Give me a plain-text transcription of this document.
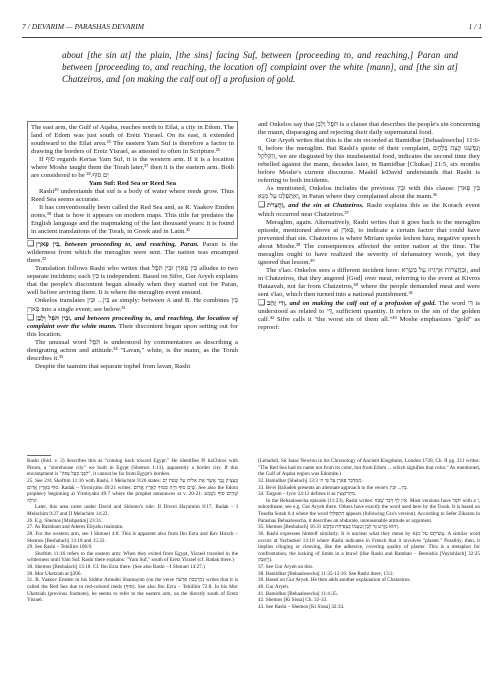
7 / DEVARIM — PARASHAS DEVARIM	1 / 1
about [the sin at] the plain, [the sins] facing Suf, between [proceeding to, and reaching,] Paran and between [proceeding to, and reaching, the location of] complaint over the white [mann], and [the sin at] Chatzeiros, and [on making the calf out of] a profusion of gold.

The east arm, the Gulf of Aqaba, reaches north to Eilat, a city in Edom. The land of Edom was just south of Eretz Yisrael. On its east, it extended southward to the Eilat area.²⁵ The eastern Yam Suf is therefore a factor in drawing the borders of Eretz Yisrael, as attested to often in Scripture.²⁶

If סוּף regards Kerias Yam Suf, it is the western arm. If it is a location where Moshe taught them the Torah later,²⁷ then it is the eastern arm. Both are considered to be יַם סוּף.²⁸

Yam Suf: Red Sea or Reed Sea

Rashi²⁹ understands that suf is a body of water where reeds grow. Thus Reed Sea seems accurate.

It has conventionally been called the Red Sea and, as R. Yaakov Emden notes,³⁰ that is how it appears on modern maps. This title far predates the English language and the mapmaking of the last thousand years: it is found in ancient translations of the Torah, in Greek and in Latin.³¹

❑ בֵּין פָּארָן, between proceeding to, and reaching, Paran. Paran is the wilderness from which the meraglim were sent. The nation was encamped there.³²

Translation follows Rashi who writes that בֵּין פָּארָן וּבֵין תֹּפֶל alludes to two separate incidents; each בֵּין is independent. Based on Sifre, Gur Aryeh explains that the people's discontent began already when they started out for Paran, well before arriving there. It is where the meraglim event ensued.

Onkelos translates בֵּין... וּבֵין as simply: between A and B. He combines בֵּין פָּארָן into a single event; see below.³³

❑ וּבֵין תֹּפֶל וְלָבָן, and between proceeding to, and reaching, the location of complaint over the white mann. Their discontent began upon setting out for this location.

The unusual word תֹּפֶל is understood by commentators as describing a denigrating action and attitude.³⁴ "Lavan," white, is the mann, as the Torah describes it.³⁵

Despite the taamim that separate tophel from lavan, Rashi

and Onkelos say that תֹּפֶל וְלָבָן is a clause that describes the people's sin concerning the mann, disparaging and rejecting their daily supernatural food.

Gur Aryeh writes that this is the sin recorded at Bamidbar [Behaalosecha] 11:6-9, before the meraglim. But Rashi's quote of their complaint, וְנַפְשֵׁנוּ קָצָה בַּלֶּחֶם הַקְּלֹקֵל, we are disgusted by this insubstantial food, indicates the second time they rebelled against the mann, decades later, in Bamidbar [Chukas] 21:5, six months before Moshe's current discourse. Maskil leDavid understands that Rashi is referring to both incidents.

As mentioned, Onkelos includes the previous וּבֵין with this clause: בֵּין פָּארָן וְאִתְפְּלַגוּ עַל מַנָּא, in Paran where they complained about the mann.³⁶

❑ וַחֲצֵרֹת, and the sin at Chatzeiros. Rashi explains this as the Korach event which occurred near Chatzeiros.³⁷

Meraglim, again. Alternatively, Rashi writes that it goes back to the meraglim episode, mentioned above at פָּארָן, to indicate a certain factor that could have prevented that sin. Chatzeiros is where Miriam spoke leshon hara, negative speech about Moshe.³⁸ The consequences affected the entire nation at the time. The meraglim ought to have realized the severity of defamatory words, yet they ignored that lesson.³⁹

The s'lao. Onkelos sees a different incident here: וּבַחֲצֵרוֹת אַרְגִּיזוּ עַל בִּשְׂרָא, and in Chatzeiros, that they angered [God] over meat, referring to the event at Kivros Hataavah, not far from Chatzeiros,⁴⁰ where the people demanded meat and were sent s'lao, which then turned into a national punishment.⁴¹

❑ וְדִי זָהָב, and on making the calf out of a profusion of gold. The word דִּי is understood as related to דַּי, sufficient quantity. It refers to the sin of the golden calf.⁴² Sifre calls it "the worst sin of them all."⁴³ Moshe emphasizes "gold" as reproof:

Rashi (ibid. v. 2) describes this as "coming back toward Egypt." He identifies Pi haChiros with Pisom, a "storehouse city" we built in Egypt (Shemos 1:11), apparently a border city. If this encampment is "לִפְנֵי בַּעַל צְפוֹן", it cannot be far from Egypt's borders.

25. See 2:8; Shoftim 11:16 with Rashi, I Melachim 9:26 states: בְּעֶצְיוֹן גֶּבֶר אֲשֶׁר אֶת אֵלוֹת עַל שְׂפַת יַם סוּף בְּאֶרֶץ אֱדוֹם. Radak – Yirmiyahu 49:21 writes: שֶׁיַּם סוּף הָיָה סָמוּךְ לְאֶרֶץ אֱדוֹם. See also the Edom prophecy beginning at Yirmiyahu 49:7 where the prophet announces at v. 20-21: שֶׁהַיַּם סוּף נִשְׁמַע קוֹלָהּ.

Later, this area came under David and Shlomo's rule: II Divrei Hayamim 8:17, Radak – I Melachim 9:27 and II Melachim 14:22.

26. E.g. Shemos [Mishpatim] 23:31.

27. As Rashbam and Aderes Eliyahu maintain.

28. For the western arm, see I Shmuel 4:8. This is apparent also from Ibn Ezra and Rav Hirsch – Shemos [Beshalach] 13:18 and 15:22.

29. See Rashi – Tehillim 106:9.

Shoftim 11:16 refers to the eastern arm: When they exited from Egypt, Yisrael traveled in the wilderness until Yam Suf. Rashi there explains: "Yam Suf," south of Eretz Yisrael (cf. Radak there.)

30. Shemos [Beshalach] 13:18. Cf. Ibn Ezra there. (See also Rashi – I Shmuel 14:27.)

30. Mor Uketziah at §306.

31. R. Yaakov Emden in his Siddur Amudei Shamayim (on the verse מַרְכְּבֹת פַּרְעֹה) writes that it is called the Red Sea due to red-colored reeds (סוּף). See also Ibn Ezra – Tehillim 72:8. In his Mor Uketziah (previous footnote), he seems to refer to the eastern arm, on the directly south of Eretz Yisrael.

(Lehadoli, Sir Isaac Newton in his Chronology of Ancient Kingdoms, London 1728, Ch. II pg. 211 writes: "The Red Sea had its name not from its color, but from Edom ... which signifies that color." As mentioned, the Gulf of Aqaba region was Edomite.)

32. Bamidbar [Shelach] 13:3 מִמִּדְבַּר פָּארָן עַל פִּי ה׳.

33. Be'er BaSadeh presents an alternate approach to the verse's בֵּין... וּבֵין.

34. Targum – Iyov 24:12 defines it as מִתְרוֹצְצִין.

In the Behaalosecha episode (11:23), Rashi writes: אֵין לְךָ דָּבָר שֶׁבִּזּוּ. Most versions have תֹּפֶל with a ו, subordinate; see e.g. Gur Aryeh there. Others have exactly the word used here by the Torah. It is based on Tosefta Sotah 6:4 where the word הִתְפַּלְּלוּ appears (following Gra's version). According to Sefer Zikaron in Parashas Behaalosecha, it describes an obdurate, unreasonable attitude or argument.

35. Shemos [Beshalach] 16:31 וְהוּא כְּזֶרַע גַּד לָבָן וְטַעְמוֹ כְּצַפִּיחִת בִּדְבָשׁ.

36. Rashi expresses himself similarly. It is unclear what they mean by עֲשִׂיתֶם עַל מַנָּא. A similar word occurs at Yechezkel 13:10 where Rashi indicates in French that it involves "plaster." Possibly, then, it implies clinging or cleaving, like the adhesive, covering quality of plaster. This is a metaphor for confrontation, the locking of limbs in a brawl (like Rashi and Ramban – Bereishis [Vayishlach] 32:25 וַיֵּאָבֵק).

37. See Gur Aryeh on this.

38. Bamidbar [Behaalosecha] 11:35-12:16. See Rashi there, 13:2.

39. Based on Gur Aryeh. He then adds another explanation of Chatzeiros.

40. Gur Aryeh.

41. Bamidbar [Behaalosecha] 11:4-35.

42. Shemos [Ki Sissa] Ch. 32-33.

43. See Rashi – Shemos [Ki Sissa] 32:34.
